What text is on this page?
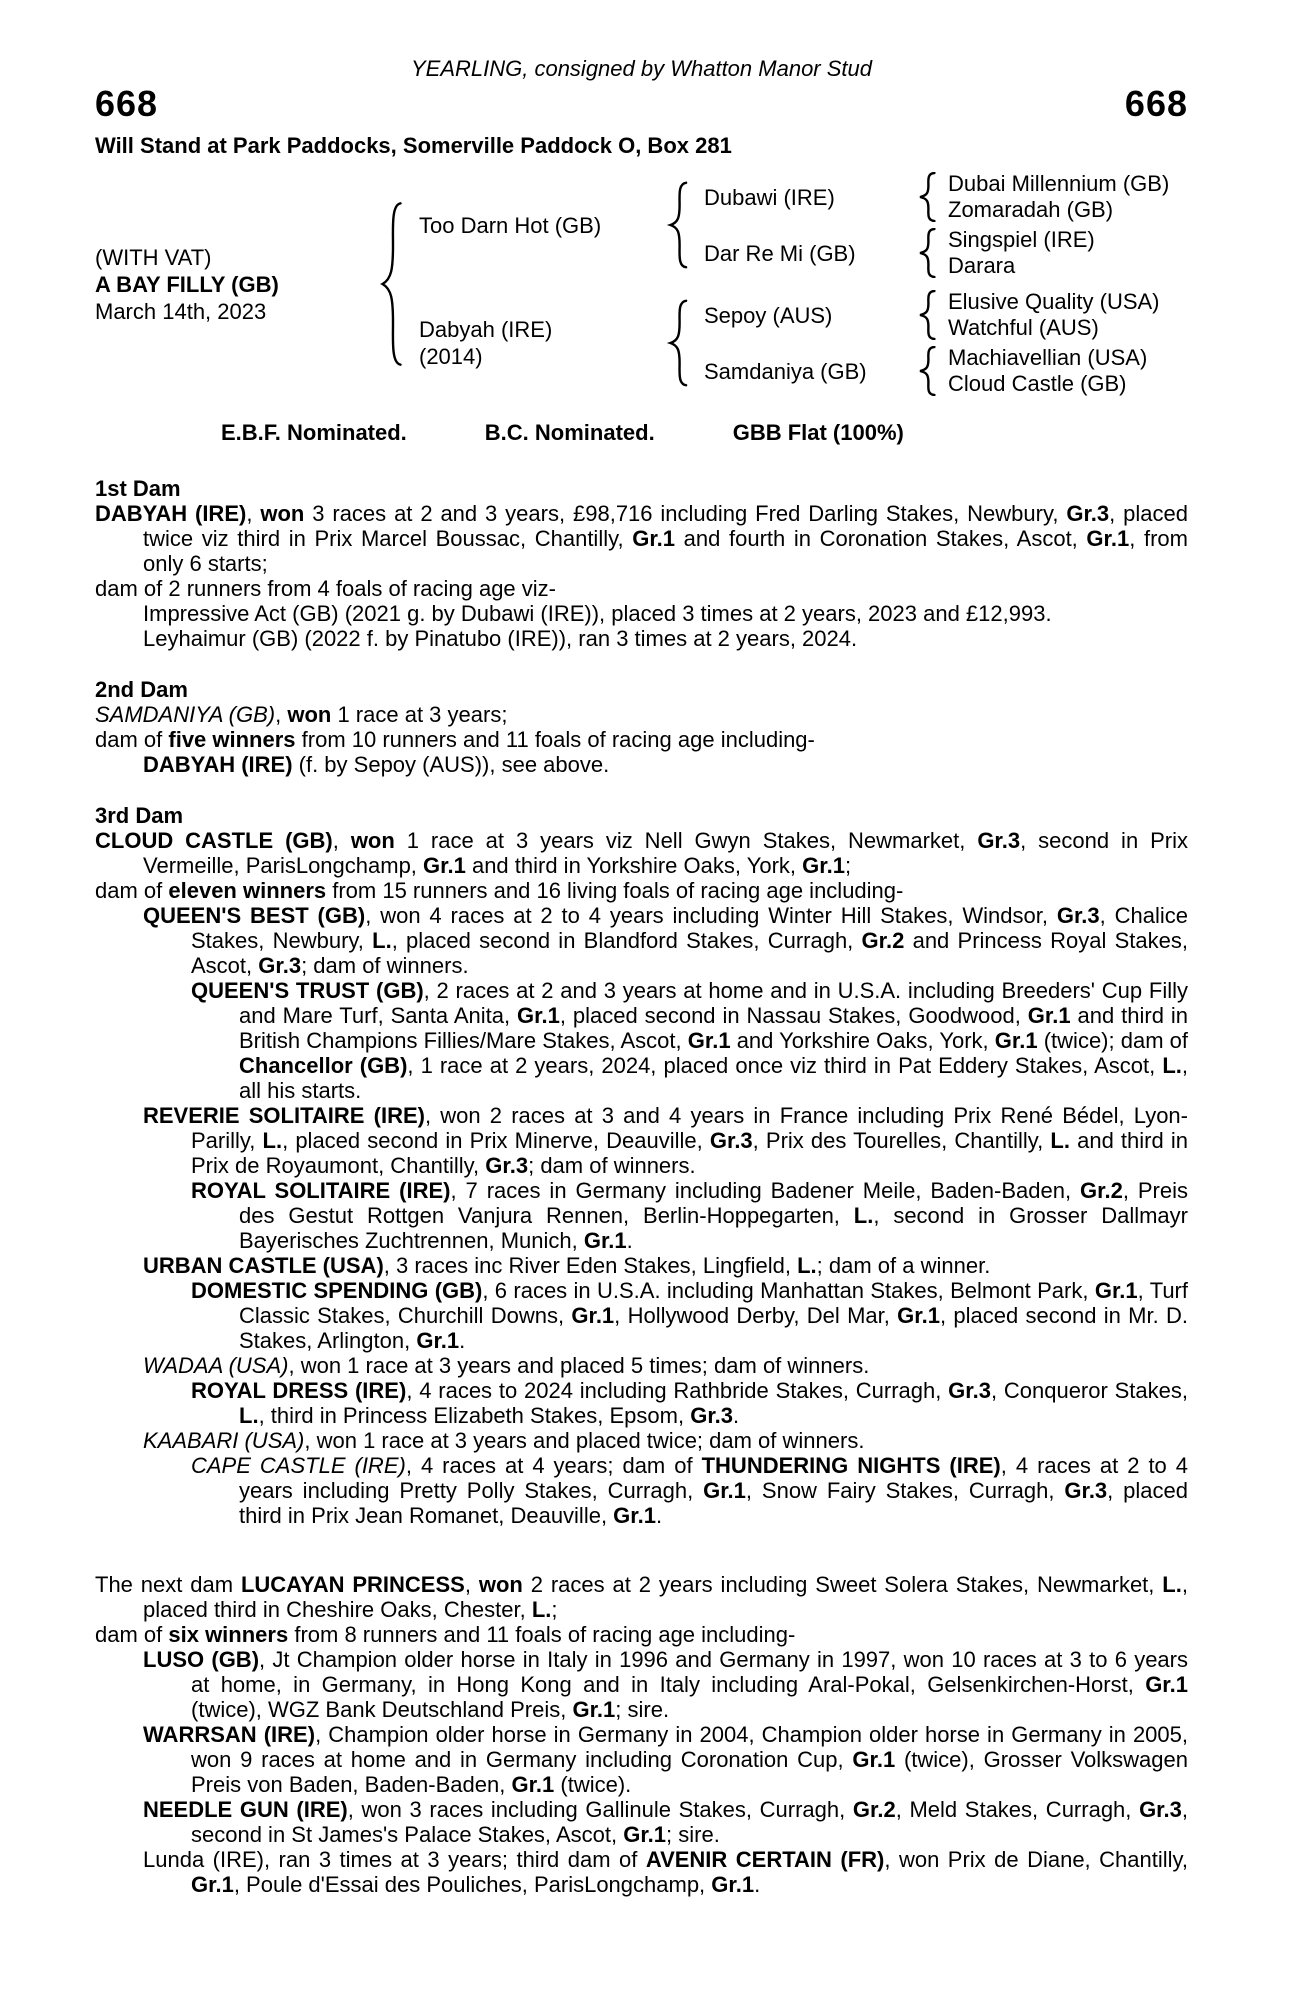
YEARLING, consigned by Whatton Manor Stud
668	668
Will Stand at Park Paddocks, Somerville Paddock O, Box 281
(WITH VAT)
A BAY FILLY (GB)
March 14th, 2023
Too Darn Hot (GB)
Dubawi (IRE)
Dubai Millennium (GB)
Zomaradah (GB)
Dar Re Mi (GB)
Singspiel (IRE)
Darara
Dabyah (IRE)
(2014)
Sepoy (AUS)
Elusive Quality (USA)
Watchful (AUS)
Samdaniya (GB)
Machiavellian (USA)
Cloud Castle (GB)
E.B.F. Nominated.	B.C. Nominated.	GBB Flat (100%)
1st Dam

DABYAH (IRE), won 3 races at 2 and 3 years, £98,716 including Fred Darling Stakes, Newbury, Gr.3, placed twice viz third in Prix Marcel Boussac, Chantilly, Gr.1 and fourth in Coronation Stakes, Ascot, Gr.1, from only 6 starts;

dam of 2 runners from 4 foals of racing age viz-

Impressive Act (GB) (2021 g. by Dubawi (IRE)), placed 3 times at 2 years, 2023 and £12,993.

Leyhaimur (GB) (2022 f. by Pinatubo (IRE)), ran 3 times at 2 years, 2024.

2nd Dam

SAMDANIYA (GB), won 1 race at 3 years;

dam of five winners from 10 runners and 11 foals of racing age including-

DABYAH (IRE) (f. by Sepoy (AUS)), see above.

3rd Dam

CLOUD CASTLE (GB), won 1 race at 3 years viz Nell Gwyn Stakes, Newmarket, Gr.3, second in Prix Vermeille, ParisLongchamp, Gr.1 and third in Yorkshire Oaks, York, Gr.1;

dam of eleven winners from 15 runners and 16 living foals of racing age including-

QUEEN'S BEST (GB), won 4 races at 2 to 4 years including Winter Hill Stakes, Windsor, Gr.3, Chalice Stakes, Newbury, L., placed second in Blandford Stakes, Curragh, Gr.2 and Princess Royal Stakes, Ascot, Gr.3; dam of winners.

QUEEN'S TRUST (GB), 2 races at 2 and 3 years at home and in U.S.A. including Breeders' Cup Filly and Mare Turf, Santa Anita, Gr.1, placed second in Nassau Stakes, Goodwood, Gr.1 and third in British Champions Fillies/Mare Stakes, Ascot, Gr.1 and Yorkshire Oaks, York, Gr.1 (twice); dam of Chancellor (GB), 1 race at 2 years, 2024, placed once viz third in Pat Eddery Stakes, Ascot, L., all his starts.

REVERIE SOLITAIRE (IRE), won 2 races at 3 and 4 years in France including Prix René Bédel, Lyon-Parilly, L., placed second in Prix Minerve, Deauville, Gr.3, Prix des Tourelles, Chantilly, L. and third in Prix de Royaumont, Chantilly, Gr.3; dam of winners.

ROYAL SOLITAIRE (IRE), 7 races in Germany including Badener Meile, Baden-Baden, Gr.2, Preis des Gestut Rottgen Vanjura Rennen, Berlin-Hoppegarten, L., second in Grosser Dallmayr Bayerisches Zuchtrennen, Munich, Gr.1.

URBAN CASTLE (USA), 3 races inc River Eden Stakes, Lingfield, L.; dam of a winner.

DOMESTIC SPENDING (GB), 6 races in U.S.A. including Manhattan Stakes, Belmont Park, Gr.1, Turf Classic Stakes, Churchill Downs, Gr.1, Hollywood Derby, Del Mar, Gr.1, placed second in Mr. D. Stakes, Arlington, Gr.1.

WADAA (USA), won 1 race at 3 years and placed 5 times; dam of winners.

ROYAL DRESS (IRE), 4 races to 2024 including Rathbride Stakes, Curragh, Gr.3, Conqueror Stakes, L., third in Princess Elizabeth Stakes, Epsom, Gr.3.

KAABARI (USA), won 1 race at 3 years and placed twice; dam of winners.

CAPE CASTLE (IRE), 4 races at 4 years; dam of THUNDERING NIGHTS (IRE), 4 races at 2 to 4 years including Pretty Polly Stakes, Curragh, Gr.1, Snow Fairy Stakes, Curragh, Gr.3, placed third in Prix Jean Romanet, Deauville, Gr.1.

The next dam LUCAYAN PRINCESS, won 2 races at 2 years including Sweet Solera Stakes, Newmarket, L., placed third in Cheshire Oaks, Chester, L.;

dam of six winners from 8 runners and 11 foals of racing age including-

LUSO (GB), Jt Champion older horse in Italy in 1996 and Germany in 1997, won 10 races at 3 to 6 years at home, in Germany, in Hong Kong and in Italy including Aral-Pokal, Gelsenkirchen-Horst, Gr.1 (twice), WGZ Bank Deutschland Preis, Gr.1; sire.

WARRSAN (IRE), Champion older horse in Germany in 2004, Champion older horse in Germany in 2005, won 9 races at home and in Germany including Coronation Cup, Gr.1 (twice), Grosser Volkswagen Preis von Baden, Baden-Baden, Gr.1 (twice).

NEEDLE GUN (IRE), won 3 races including Gallinule Stakes, Curragh, Gr.2, Meld Stakes, Curragh, Gr.3, second in St James's Palace Stakes, Ascot, Gr.1; sire.

Lunda (IRE), ran 3 times at 3 years; third dam of AVENIR CERTAIN (FR), won Prix de Diane, Chantilly, Gr.1, Poule d'Essai des Pouliches, ParisLongchamp, Gr.1.
